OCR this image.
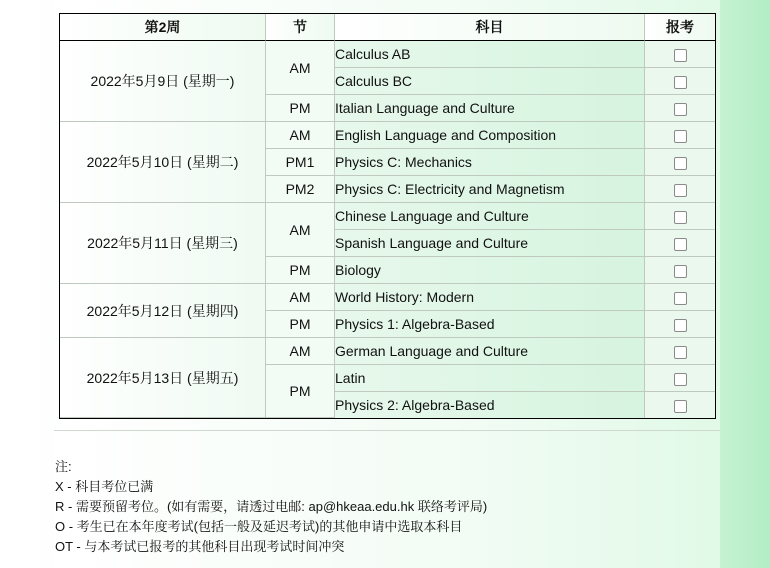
第2周	节	科目	报考
2022年5月9日 (星期一)	AM	Calculus AB	
		Calculus BC	
	PM	Italian Language and Culture	
2022年5月10日 (星期二)	AM	English Language and Composition	
	PM1	Physics C: Mechanics	
	PM2	Physics C: Electricity and Magnetism	
2022年5月11日 (星期三)	AM	Chinese Language and Culture	
		Spanish Language and Culture	
	PM	Biology	
2022年5月12日 (星期四)	AM	World History: Modern	
	PM	Physics 1: Algebra-Based	
2022年5月13日 (星期五)	AM	German Language and Culture	
	PM	Latin	
		Physics 2: Algebra-Based	
注:
X - 科目考位已满
R - 需要预留考位。(如有需要，请透过电邮: ap@hkeaa.edu.hk 联络考评局)
O - 考生已在本年度考试(包括一般及延迟考试)的其他申请中选取本科目
OT - 与本考试已报考的其他科目出现考试时间冲突
